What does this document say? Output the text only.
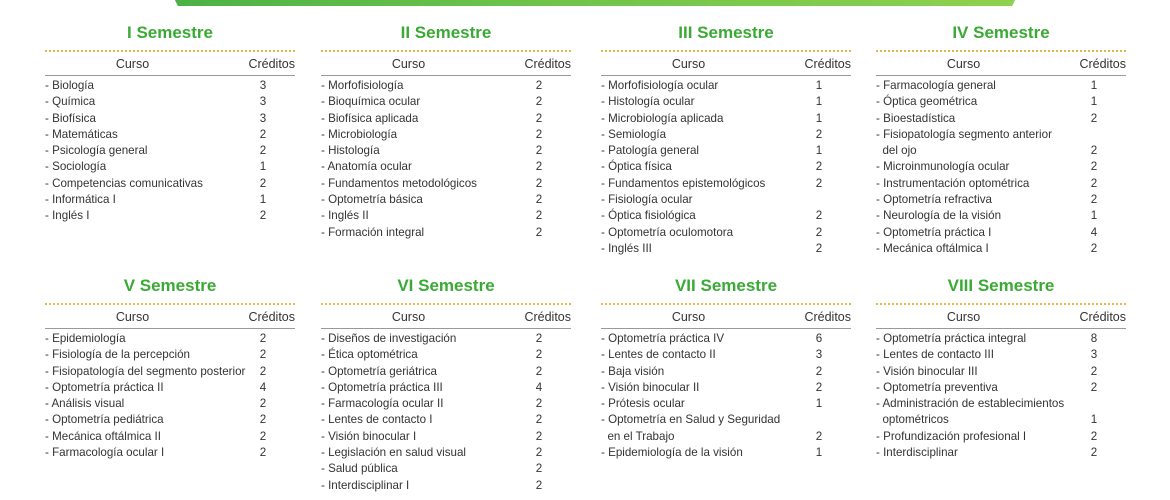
I Semestre
Curso	Créditos
- Biología	3
- Química	3
- Biofísica	3
- Matemáticas	2
- Psicología general	2
- Sociología	1
- Competencias comunicativas	2
- Informática I	1
- Inglés I	2
II Semestre
Curso	Créditos
- Morfofisiología	2
- Bioquímica ocular	2
- Biofísica aplicada	2
- Microbiología	2
- Histología	2
- Anatomía ocular	2
- Fundamentos metodológicos	2
- Optometría básica	2
- Inglés II	2
- Formación integral	2
III Semestre
Curso	Créditos
- Morfofisiología ocular	1
- Histología ocular	1
- Microbiología aplicada	1
- Semiología	2
- Patología general	1
- Óptica física	2
- Fundamentos epistemológicos	2
- Fisiología ocular
- Óptica fisiológica	2
- Optometría oculomotora	2
- Inglés III	2
IV Semestre
Curso	Créditos
- Farmacología general	1
- Óptica geométrica	1
- Bioestadística	2
- Fisiopatología segmento anterior
del ojo	2
- Microinmunología ocular	2
- Instrumentación optométrica	2
- Optometría refractiva	2
- Neurología de la visión	1
- Optometría práctica I	4
- Mecánica oftálmica I	2
V Semestre
Curso	Créditos
- Epidemiología	2
- Fisiología de la percepción	2
- Fisiopatología del segmento posterior	2
- Optometría práctica II	4
- Análisis visual	2
- Optometría pediátrica	2
- Mecánica oftálmica II	2
- Farmacología ocular I	2
VI Semestre
Curso	Créditos
- Diseños de investigación	2
- Ética optométrica	2
- Optometría geriátrica	2
- Optometría práctica III	4
- Farmacología ocular II	2
- Lentes de contacto I	2
- Visión binocular I	2
- Legislación en salud visual	2
- Salud pública	2
- Interdisciplinar I	2
VII Semestre
Curso	Créditos
- Optometría práctica IV	6
- Lentes de contacto II	3
- Baja visión	2
- Visión binocular II	2
- Prótesis ocular	1
- Optometría en Salud y Seguridad
en el Trabajo	2
- Epidemiología de la visión	1
VIII Semestre
Curso	Créditos
- Optometría práctica integral	8
- Lentes de contacto III	3
- Visión binocular III	2
- Optometría preventiva	2
- Administración de establecimientos
optométricos	1
- Profundización profesional I	2
- Interdisciplinar	2
